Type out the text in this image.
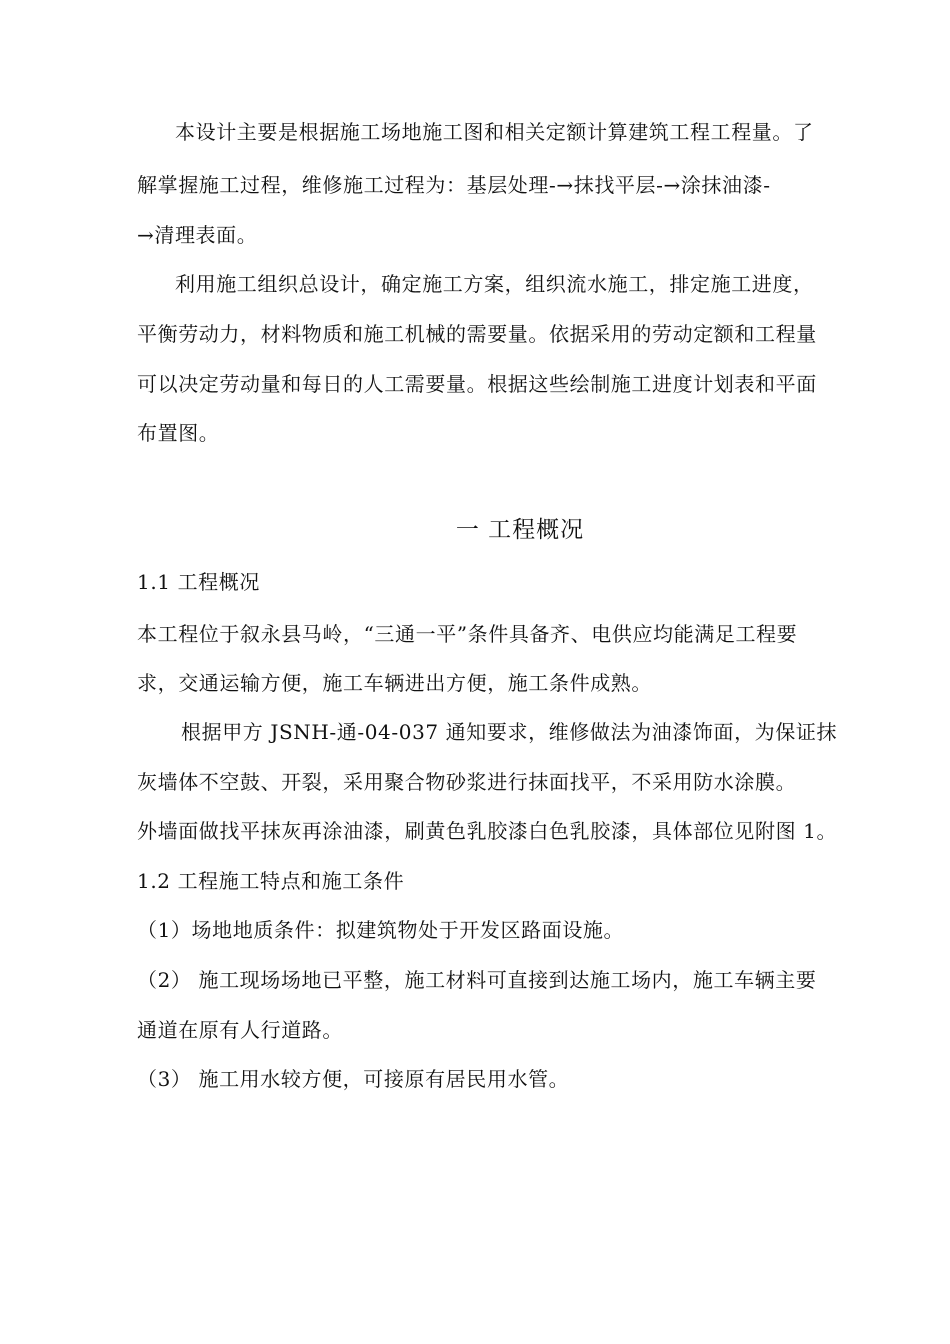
本设计主要是根据施工场地施工图和相关定额计算建筑工程工程量。了
解掌握施工过程，维修施工过程为：基层处理-→抹找平层-→涂抹油漆-
→清理表面。
利用施工组织总设计，确定施工方案，组织流水施工，排定施工进度，
平衡劳动力，材料物质和施工机械的需要量。依据采用的劳动定额和工程量
可以决定劳动量和每日的人工需要量。根据这些绘制施工进度计划表和平面
布置图。
一 工程概况
1.1 工程概况
本工程位于叙永县马岭，“三通一平”条件具备齐、电供应均能满足工程要
求，交通运输方便，施工车辆进出方便，施工条件成熟。
根据甲方 JSNH-通-04-037 通知要求，维修做法为油漆饰面，为保证抹
灰墙体不空鼓、开裂，采用聚合物砂浆进行抹面找平，不采用防水涂膜。
外墙面做找平抹灰再涂油漆，刷黄色乳胶漆白色乳胶漆，具体部位见附图 1。
1.2 工程施工特点和施工条件
（1）场地地质条件：拟建筑物处于开发区路面设施。
（2） 施工现场场地已平整，施工材料可直接到达施工场内，施工车辆主要
通道在原有人行道路。
（3） 施工用水较方便，可接原有居民用水管。
